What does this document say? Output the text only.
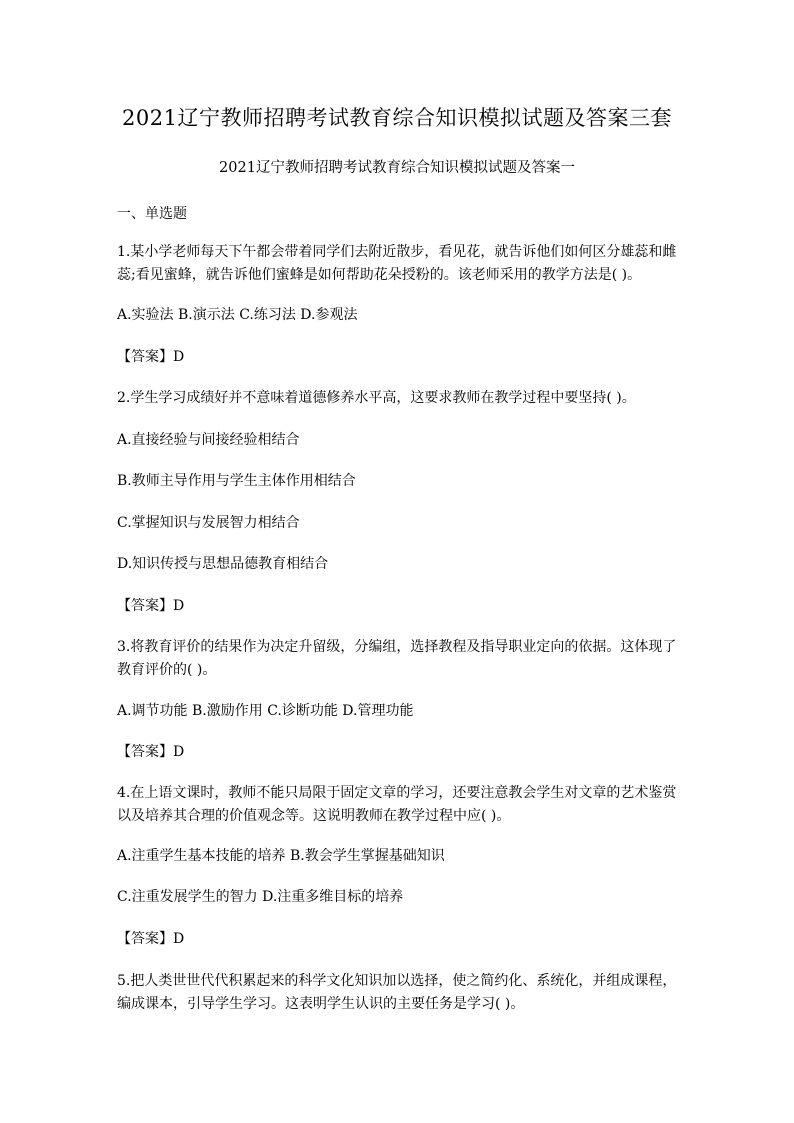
2021辽宁教师招聘考试教育综合知识模拟试题及答案三套
2021辽宁教师招聘考试教育综合知识模拟试题及答案一
一、单选题
1.某小学老师每天下午都会带着同学们去附近散步，看见花，就告诉他们如何区分雄蕊和雌蕊;看见蜜蜂，就告诉他们蜜蜂是如何帮助花朵授粉的。该老师采用的教学方法是( )。
A.实验法 B.演示法 C.练习法 D.参观法
【答案】D
2.学生学习成绩好并不意味着道德修养水平高，这要求教师在教学过程中要坚持( )。
A.直接经验与间接经验相结合
B.教师主导作用与学生主体作用相结合
C.掌握知识与发展智力相结合
D.知识传授与思想品德教育相结合
【答案】D
3.将教育评价的结果作为决定升留级，分编组，选择教程及指导职业定向的依据。这体现了教育评价的( )。
A.调节功能 B.激励作用 C.诊断功能 D.管理功能
【答案】D
4.在上语文课时，教师不能只局限于固定文章的学习，还要注意教会学生对文章的艺术鉴赏以及培养其合理的价值观念等。这说明教师在教学过程中应( )。
A.注重学生基本技能的培养 B.教会学生掌握基础知识
C.注重发展学生的智力 D.注重多维目标的培养
【答案】D
5.把人类世世代代积累起来的科学文化知识加以选择，使之简约化、系统化，并组成课程，编成课本，引导学生学习。这表明学生认识的主要任务是学习( )。
